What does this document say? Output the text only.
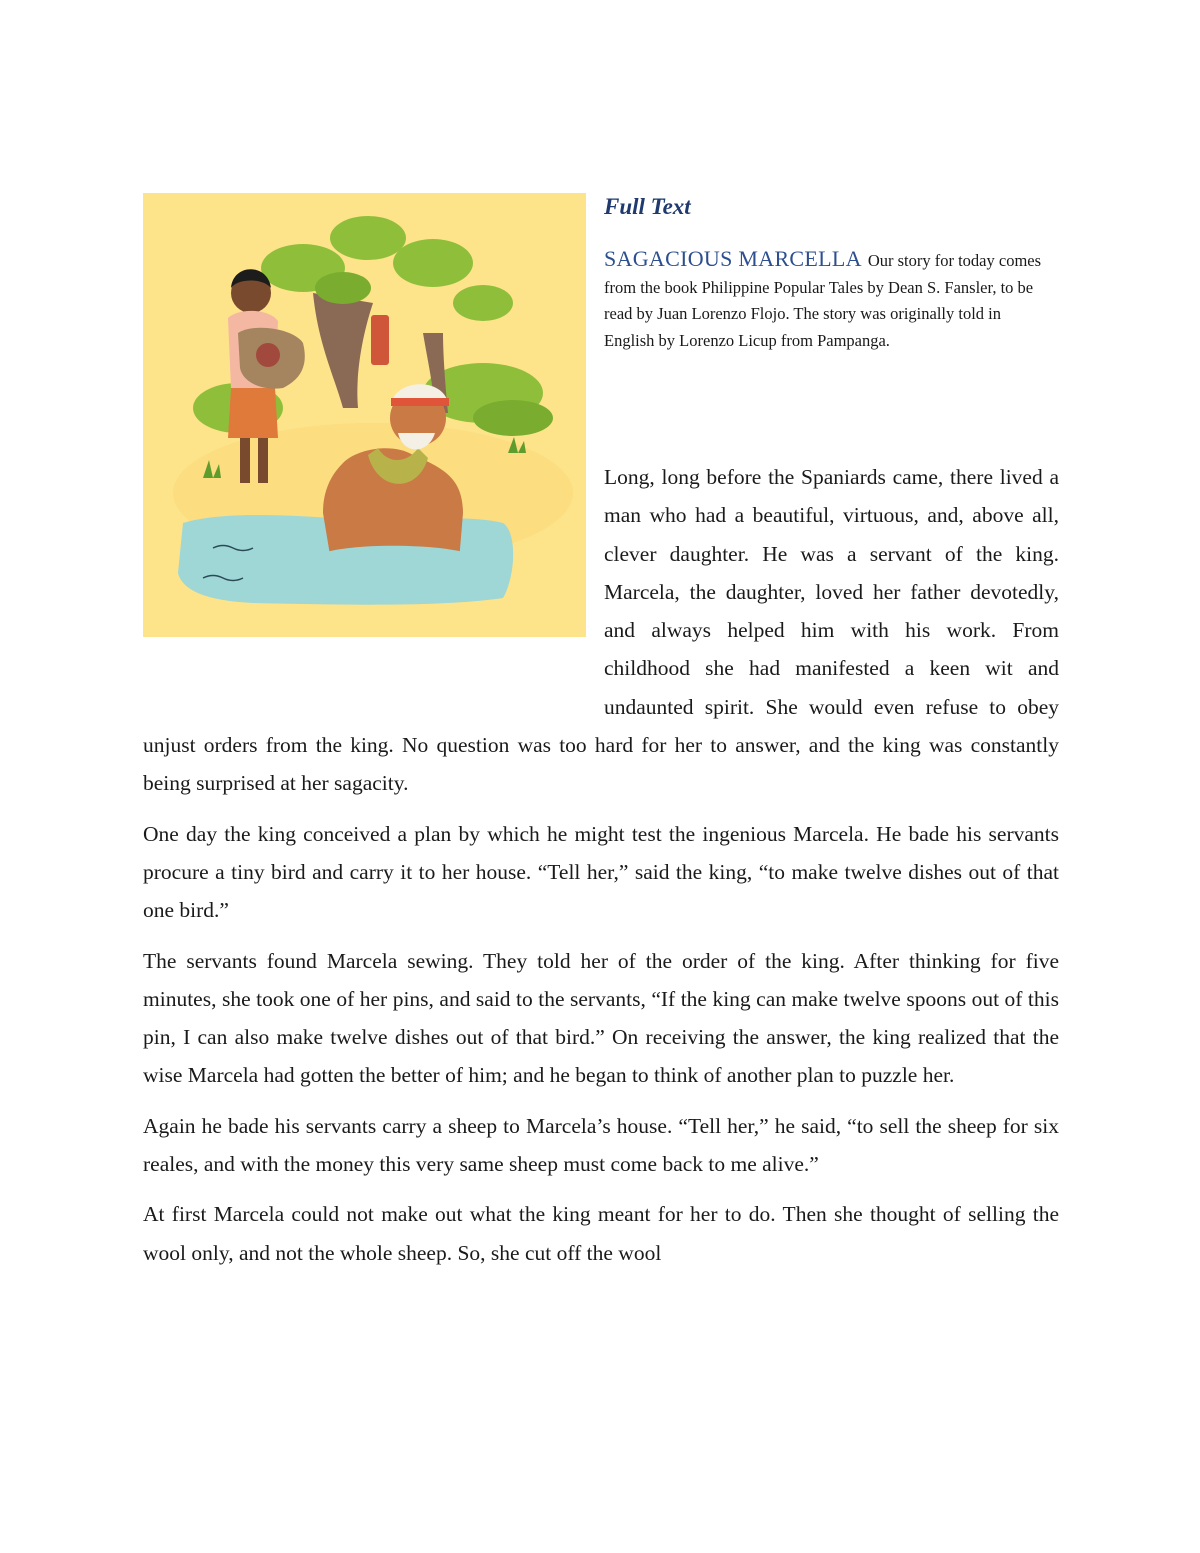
Full Text

SAGACIOUS MARCELLA Our story for today comes from the book Philippine Popular Tales by Dean S. Fansler, to be read by Juan Lorenzo Flojo. The story was originally told in English by Lorenzo Licup from Pampanga.

Long, long before the Spaniards came, there lived a man who had a beautiful, virtuous, and, above all, clever daughter. He was a servant of the king. Marcela, the daughter, loved her father devotedly, and always helped him with his work. From childhood she had manifested a keen wit and undaunted spirit. She would even refuse to obey unjust orders from the king. No question was too hard for her to answer, and the king was constantly being surprised at her sagacity.

One day the king conceived a plan by which he might test the ingenious Marcela. He bade his servants procure a tiny bird and carry it to her house. “Tell her,” said the king, “to make twelve dishes out of that one bird.”

The servants found Marcela sewing. They told her of the order of the king. After thinking for five minutes, she took one of her pins, and said to the servants, “If the king can make twelve spoons out of this pin, I can also make twelve dishes out of that bird.” On receiving the answer, the king realized that the wise Marcela had gotten the better of him; and he began to think of another plan to puzzle her.

Again he bade his servants carry a sheep to Marcela’s house. “Tell her,” he said, “to sell the sheep for six reales, and with the money this very same sheep must come back to me alive.”

At first Marcela could not make out what the king meant for her to do. Then she thought of selling the wool only, and not the whole sheep. So, she cut off the wool
